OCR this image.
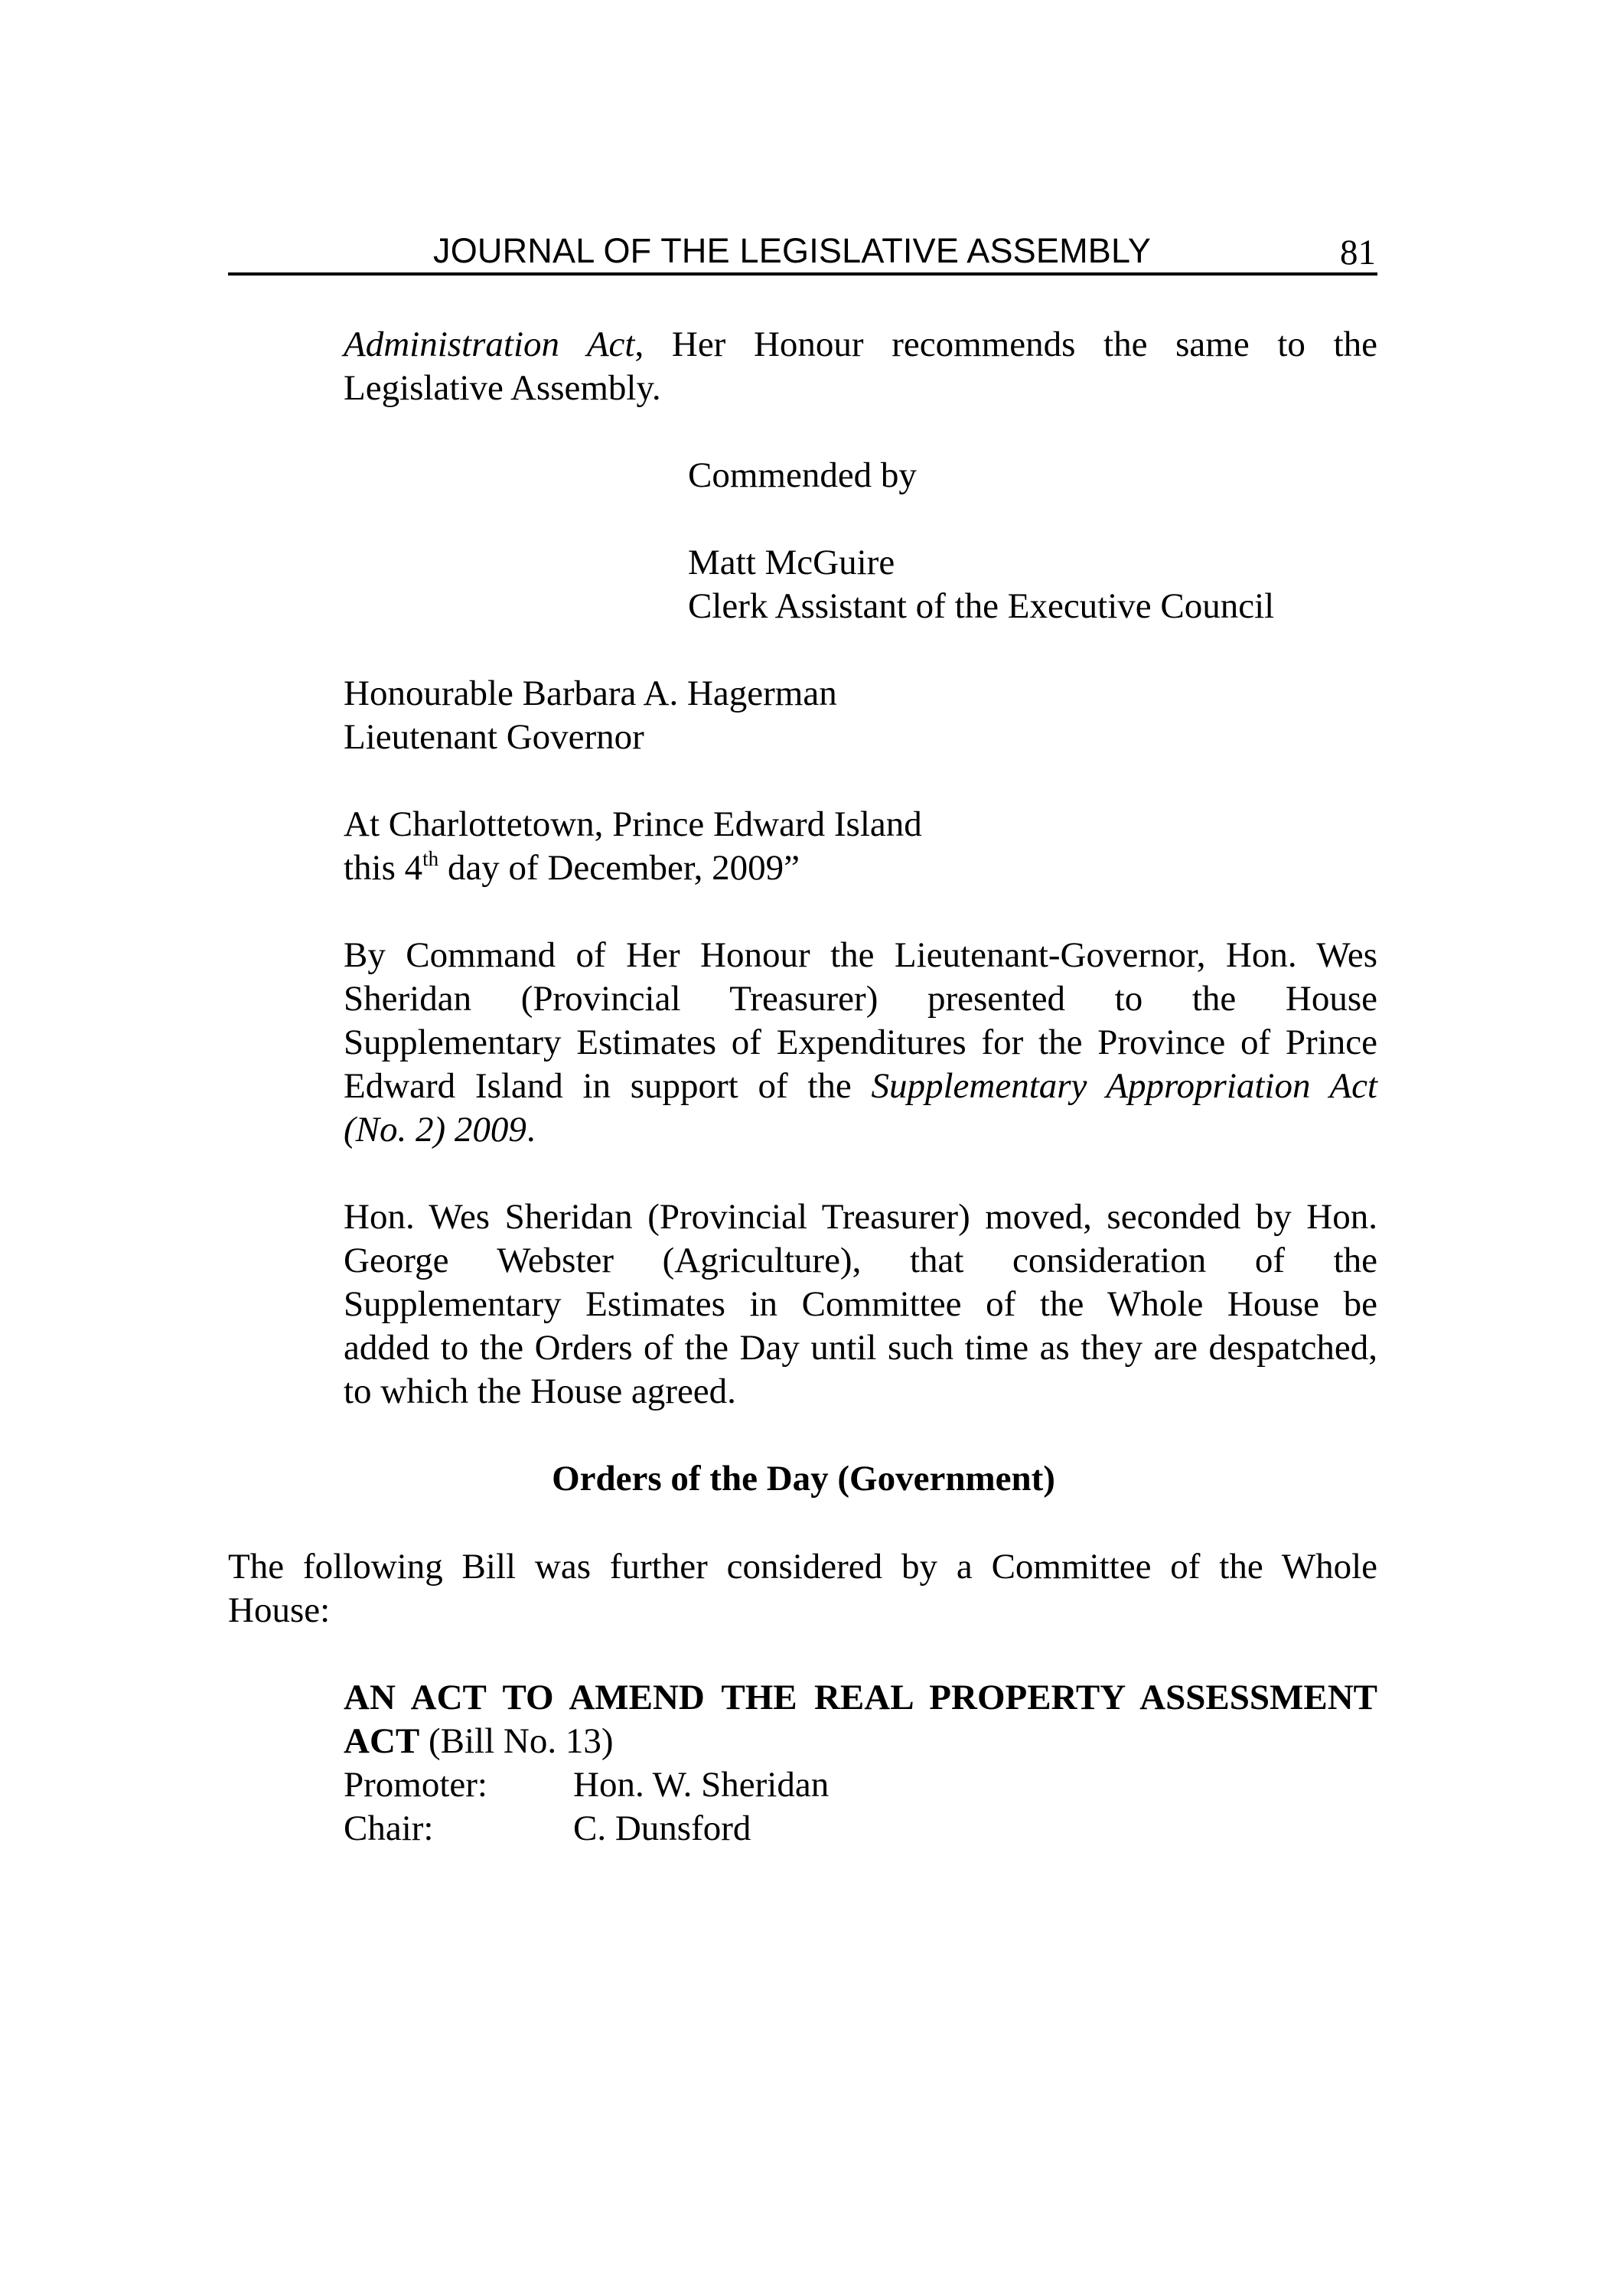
JOURNAL OF THE LEGISLATIVE ASSEMBLY	81
Administration Act, Her Honour recommends the same to the
Legislative Assembly.
Commended by
Matt McGuire
Clerk Assistant of the Executive Council
Honourable Barbara A. Hagerman
Lieutenant Governor
At Charlottetown, Prince Edward Island
this 4th day of December, 2009”
By Command of Her Honour the Lieutenant-Governor, Hon. Wes
Sheridan (Provincial Treasurer) presented to the House
Supplementary Estimates of Expenditures for the Province of Prince
Edward Island in support of the Supplementary Appropriation Act
(No. 2) 2009.
Hon. Wes Sheridan (Provincial Treasurer) moved, seconded by Hon.
George Webster (Agriculture), that consideration of the
Supplementary Estimates in Committee of the Whole House be
added to the Orders of the Day until such time as they are despatched,
to which the House agreed.
Orders of the Day (Government)
The following Bill was further considered by a Committee of the Whole
House:
AN ACT TO AMEND THE REAL PROPERTY ASSESSMENT
ACT (Bill No. 13)
Promoter: Hon. W. Sheridan
Chair:	C. Dunsford
